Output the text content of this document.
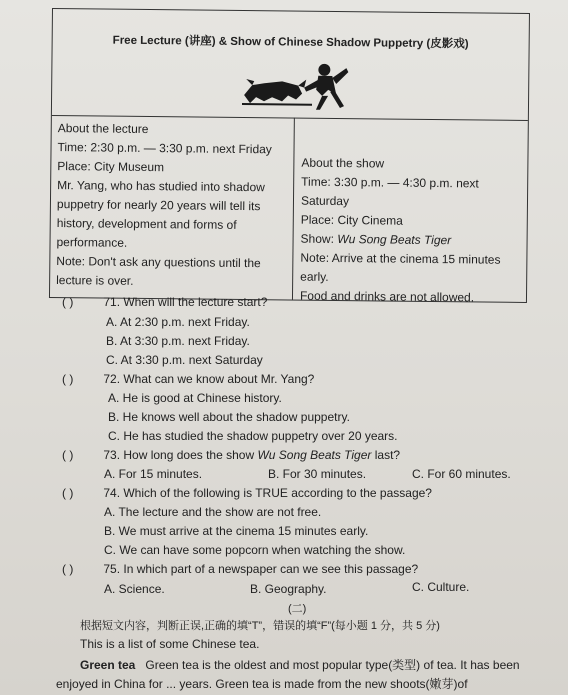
Free Lecture (讲座) & Show of Chinese Shadow Puppetry (皮影戏)

About the lecture

Time: 2:30 p.m. — 3:30 p.m. next Friday

Place: City Museum

Mr. Yang, who has studied into shadow

puppetry for nearly 20 years will tell its

history, development and forms of

performance.

Note: Don't ask any questions until the

lecture is over.

About the show

Time: 3:30 p.m. — 4:30 p.m. next Saturday

Place: City Cinema

Show: Wu Song Beats Tiger

Note: Arrive at the cinema 15 minutes early.

Food and drinks are not allowed.

( )	71. When will the lecture start?
A. At 2:30 p.m. next Friday.
B. At 3:30 p.m. next Friday.
C. At 3:30 p.m. next Saturday
( )	72. What can we know about Mr. Yang?
A. He is good at Chinese history.
B. He knows well about the shadow puppetry.
C. He has studied the shadow puppetry over 20 years.
( )	73. How long does the show Wu Song Beats Tiger last?
A. For 15 minutes.	B. For 30 minutes.	C. For 60 minutes.
( )	74. Which of the following is TRUE according to the passage?
A. The lecture and the show are not free.
B. We must arrive at the cinema 15 minutes early.
C. We can have some popcorn when watching the show.
( )	75. In which part of a newspaper can we see this passage?
A. Science.	B. Geography.	C. Culture.
(二)
根据短文内容，判断正误,正确的填“T”，错误的填“F”(每小题 1 分，共 5 分)
This is a list of some Chinese tea.
Green tea Green tea is the oldest and most popular type(类型) of tea. It has been
enjoyed in China for ... years. Green tea is made from the new shoots(嫩芽)of
